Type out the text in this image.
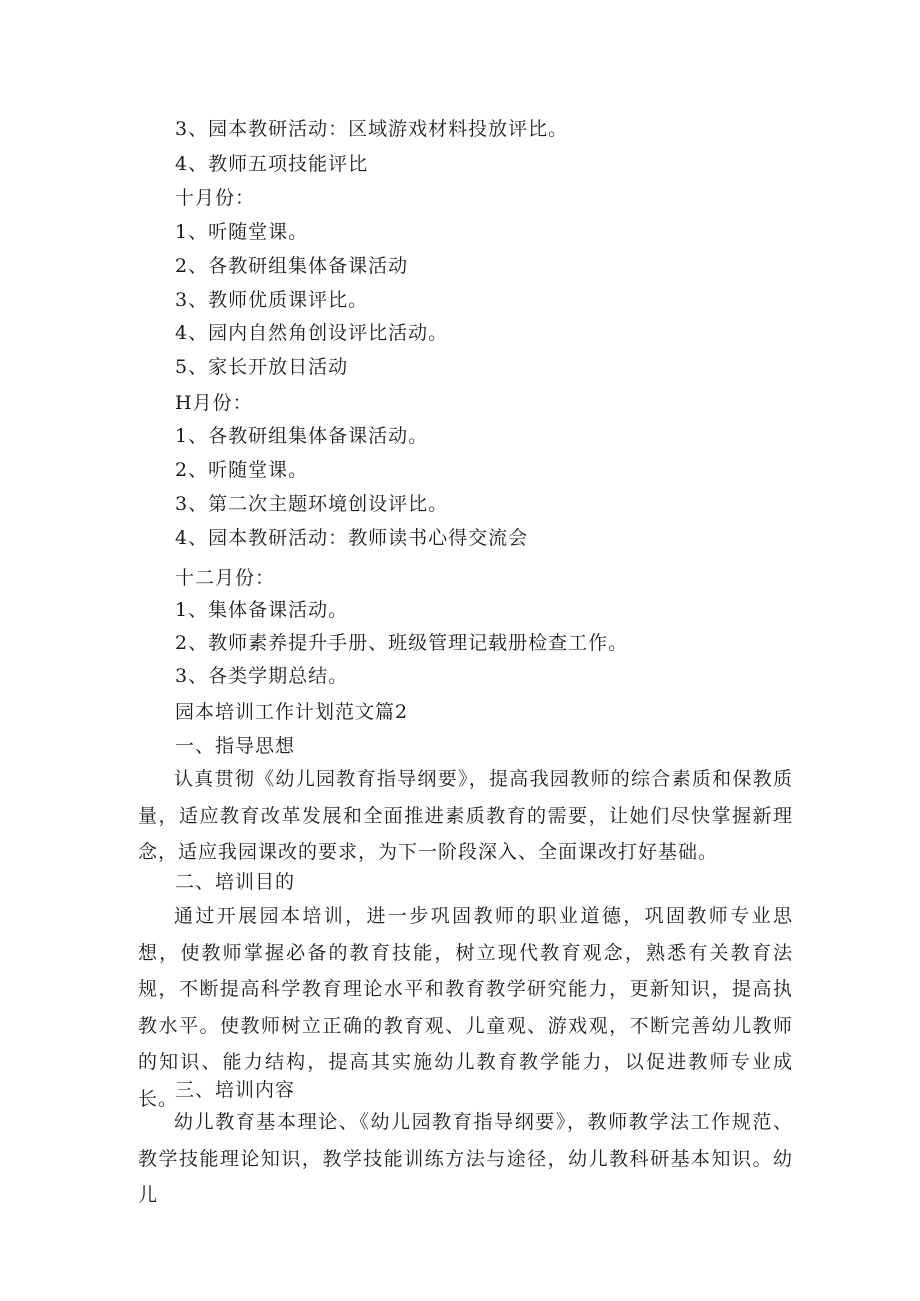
3、园本教研活动：区域游戏材料投放评比。
4、教师五项技能评比
十月份：
1、听随堂课。
2、各教研组集体备课活动
3、教师优质课评比。
4、园内自然角创设评比活动。
5、家长开放日活动
H月份：
1、各教研组集体备课活动。
2、听随堂课。
3、第二次主题环境创设评比。
4、园本教研活动：教师读书心得交流会
十二月份：
1、集体备课活动。
2、教师素养提升手册、班级管理记载册检查工作。
3、各类学期总结。
园本培训工作计划范文篇2
一、指导思想
认真贯彻《幼儿园教育指导纲要》，提高我园教师的综合素质和保教质量，适应教育改革发展和全面推进素质教育的需要，让她们尽快掌握新理念，适应我园课改的要求，为下一阶段深入、全面课改打好基础。
二、培训目的
通过开展园本培训，进一步巩固教师的职业道德，巩固教师专业思想，使教师掌握必备的教育技能，树立现代教育观念，熟悉有关教育法规，不断提高科学教育理论水平和教育教学研究能力，更新知识，提高执教水平。使教师树立正确的教育观、儿童观、游戏观，不断完善幼儿教师的知识、能力结构，提高其实施幼儿教育教学能力，以促进教师专业成长。
三、培训内容
幼儿教育基本理论、《幼儿园教育指导纲要》，教师教学法工作规范、教学技能理论知识，教学技能训练方法与途径，幼儿教科研基本知识。幼儿
